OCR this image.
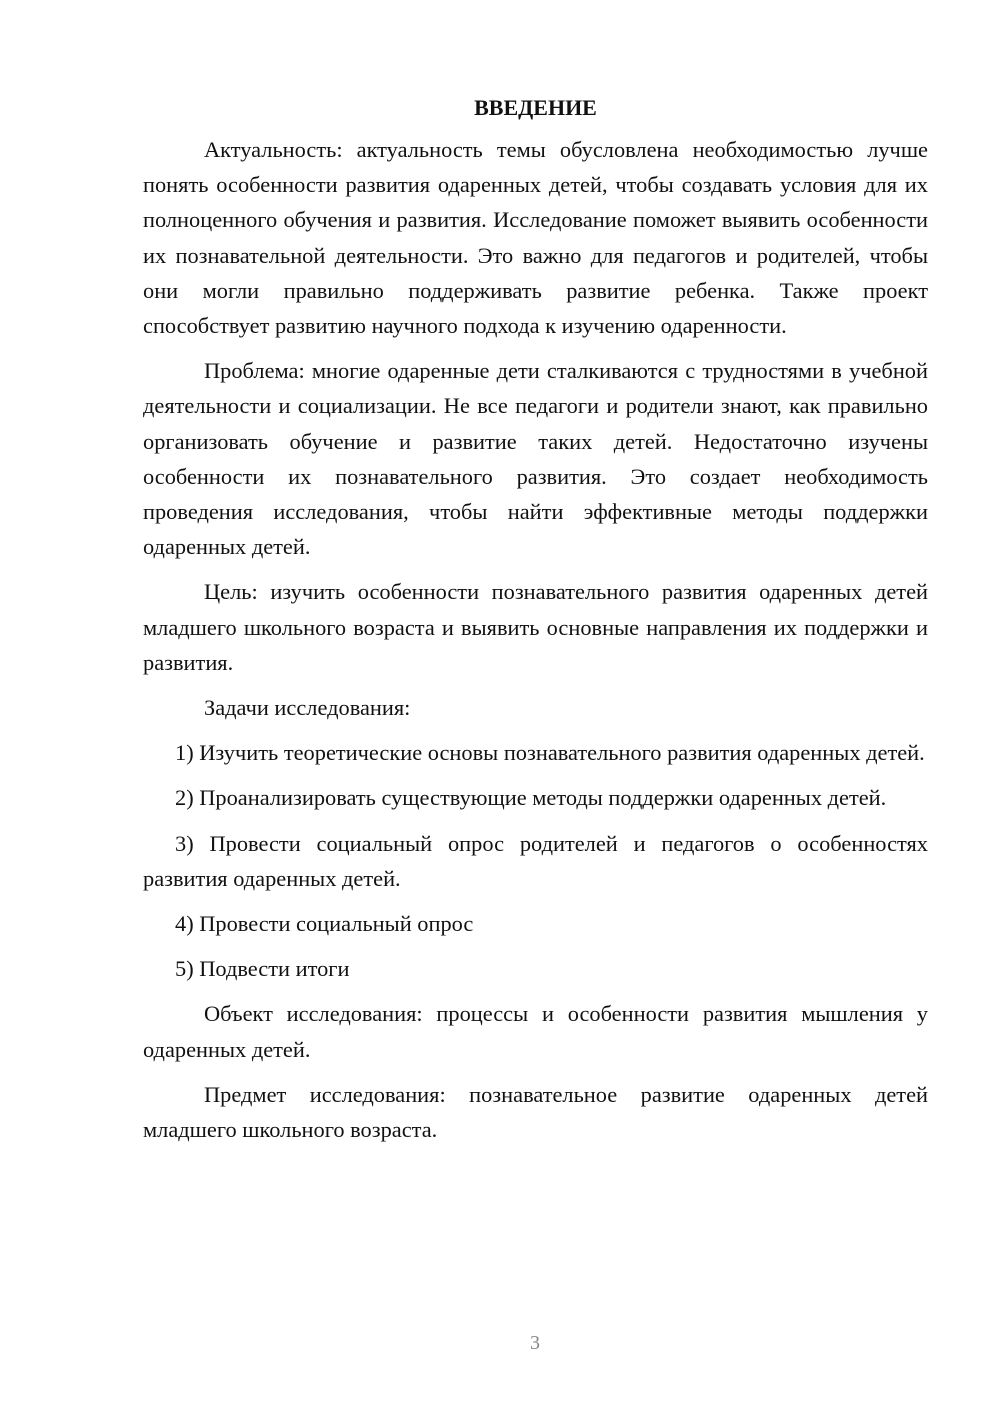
ВВЕДЕНИЕ

Актуальность: актуальность темы обусловлена необходимостью лучше понять особенности развития одаренных детей, чтобы создавать условия для их полноценного обучения и развития. Исследование поможет выявить особенности их познавательной деятельности. Это важно для педагогов и родителей, чтобы они могли правильно поддерживать развитие ребенка. Также проект способствует развитию научного подхода к изучению одаренности.

Проблема: многие одаренные дети сталкиваются с трудностями в учебной деятельности и социализации. Не все педагоги и родители знают, как правильно организовать обучение и развитие таких детей. Недостаточно изучены особенности их познавательного развития. Это создает необходимость проведения исследования, чтобы найти эффективные методы поддержки одаренных детей.

Цель: изучить особенности познавательного развития одаренных детей младшего школьного возраста и выявить основные направления их поддержки и развития.

Задачи исследования:

1) Изучить теоретические основы познавательного развития одаренных детей.

2) Проанализировать существующие методы поддержки одаренных детей.

3) Провести социальный опрос родителей и педагогов о особенностях развития одаренных детей.

4) Провести социальный опрос

5) Подвести итоги

Объект исследования: процессы и особенности развития мышления у одаренных детей.

Предмет исследования: познавательное развитие одаренных детей младшего школьного возраста.

3
